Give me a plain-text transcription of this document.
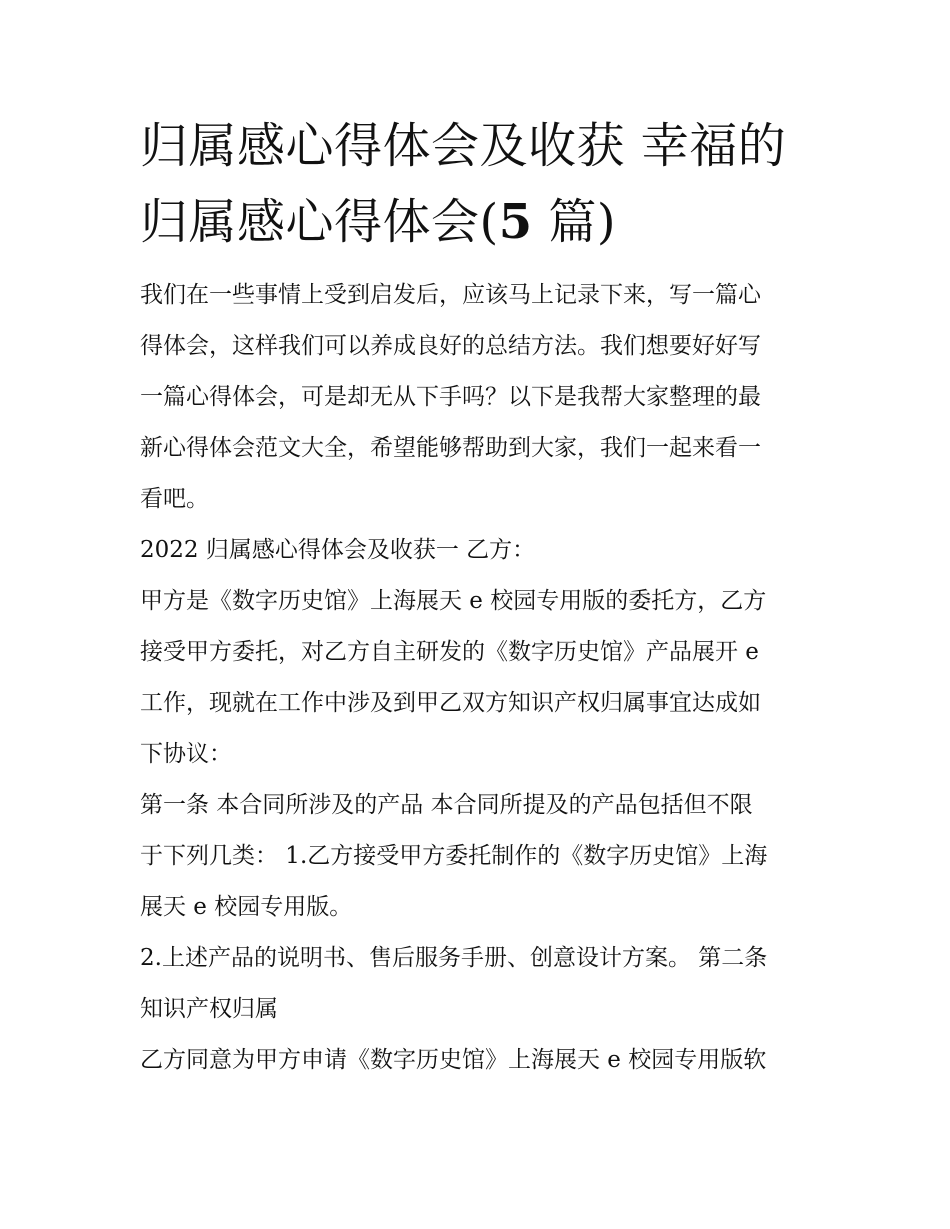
归属感心得体会及收获 幸福的
归属感心得体会(5 篇)

我们在一些事情上受到启发后，应该马上记录下来，写一篇心
得体会，这样我们可以养成良好的总结方法。我们想要好好写
一篇心得体会，可是却无从下手吗？以下是我帮大家整理的最
新心得体会范文大全，希望能够帮助到大家，我们一起来看一
看吧。

2022 归属感心得体会及收获一 乙方：

甲方是《数字历史馆》上海展天 e 校园专用版的委托方，乙方
接受甲方委托，对乙方自主研发的《数字历史馆》产品展开 e
工作，现就在工作中涉及到甲乙双方知识产权归属事宜达成如
下协议：

第一条 本合同所涉及的产品 本合同所提及的产品包括但不限
于下列几类： 1.乙方接受甲方委托制作的《数字历史馆》上海
展天 e 校园专用版。

2.上述产品的说明书、售后服务手册、创意设计方案。 第二条
知识产权归属

乙方同意为甲方申请《数字历史馆》上海展天 e 校园专用版软
